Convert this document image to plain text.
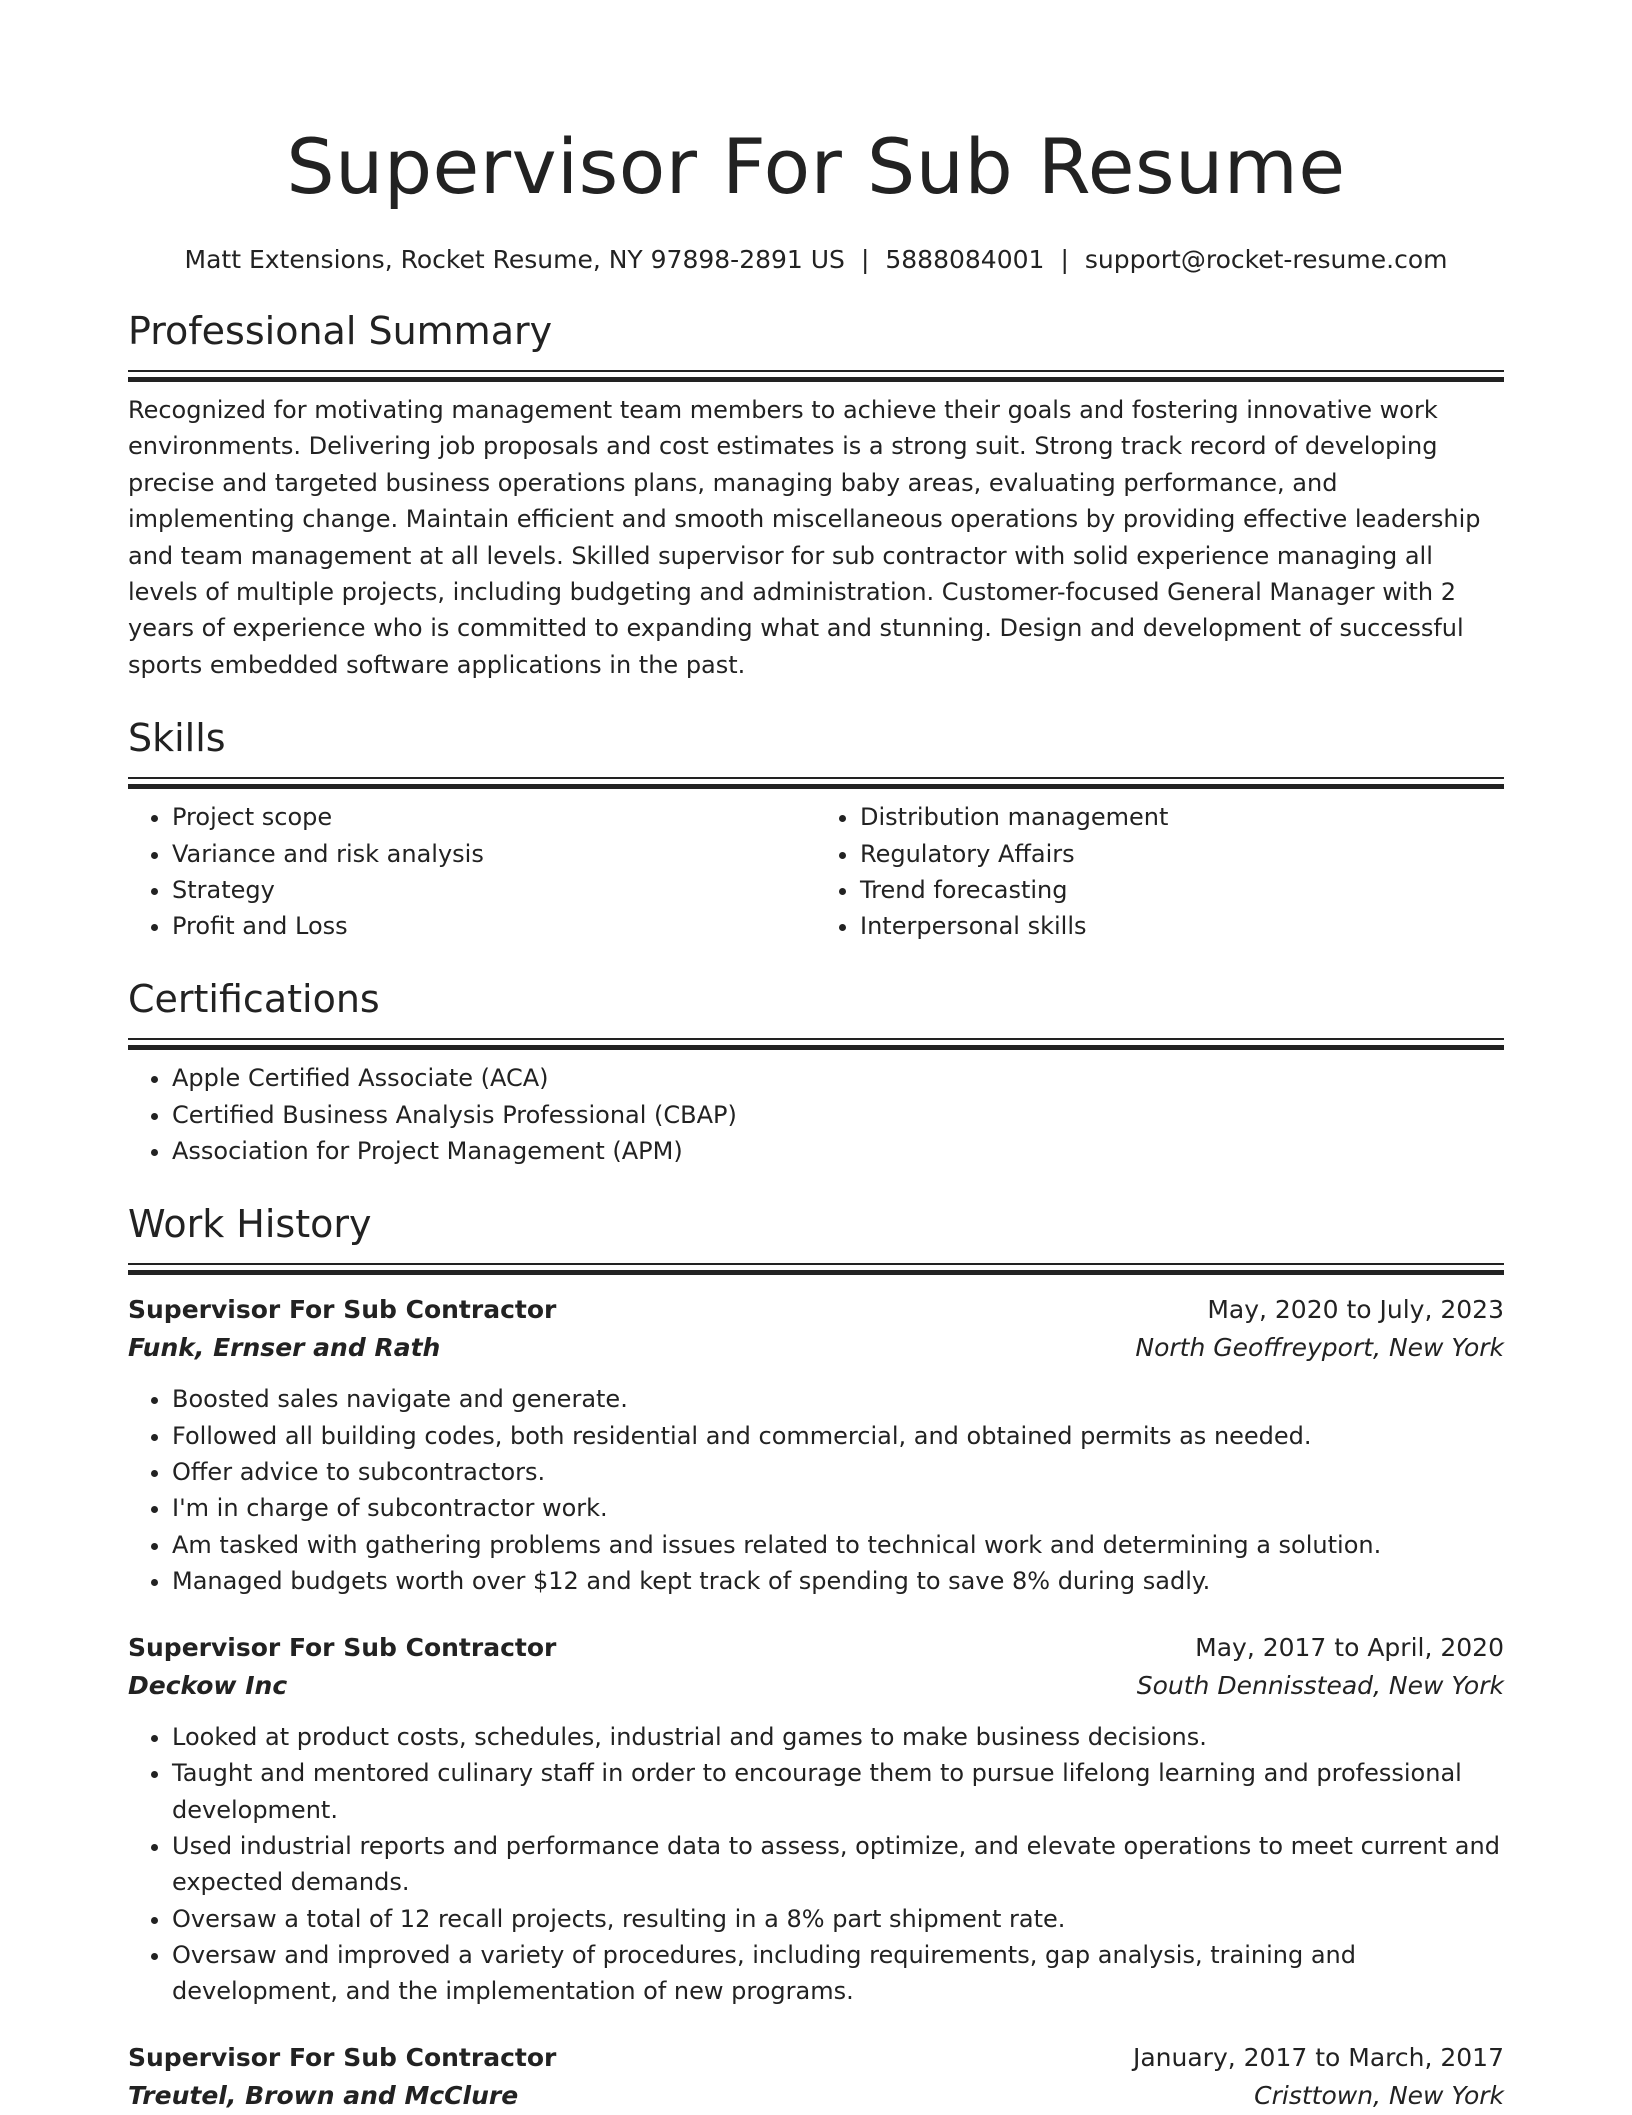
Supervisor For Sub Resume
Matt Extensions, Rocket Resume, NY 97898-2891 US | 5888084001 | support@rocket-resume.com
Professional Summary

Recognized for motivating management team members to achieve their goals and fostering innovative work environments. Delivering job proposals and cost estimates is a strong suit. Strong track record of developing precise and targeted business operations plans, managing baby areas, evaluating performance, and implementing change. Maintain efficient and smooth miscellaneous operations by providing effective leadership and team management at all levels. Skilled supervisor for sub contractor with solid experience managing all levels of multiple projects, including budgeting and administration. Customer-focused General Manager with 2 years of experience who is committed to expanding what and stunning. Design and development of successful sports embedded software applications in the past.

Skills
• Project scope
• Variance and risk analysis
• Strategy
• Profit and Loss
• Distribution management
• Regulatory Affairs
• Trend forecasting
• Interpersonal skills
Certifications
• Apple Certified Associate (ACA)
• Certified Business Analysis Professional (CBAP)
• Association for Project Management (APM)
Work History
Supervisor For Sub Contractor	May, 2020 to July, 2023
Funk, Ernser and Rath	North Geoffreyport, New York
• Boosted sales navigate and generate.
• Followed all building codes, both residential and commercial, and obtained permits as needed.
• Offer advice to subcontractors.
• I'm in charge of subcontractor work.
• Am tasked with gathering problems and issues related to technical work and determining a solution.
• Managed budgets worth over $12 and kept track of spending to save 8% during sadly.
Supervisor For Sub Contractor	May, 2017 to April, 2020
Deckow Inc	South Dennisstead, New York
• Looked at product costs, schedules, industrial and games to make business decisions.
• Taught and mentored culinary staff in order to encourage them to pursue lifelong learning and professional development.
• Used industrial reports and performance data to assess, optimize, and elevate operations to meet current and expected demands.
• Oversaw a total of 12 recall projects, resulting in a 8% part shipment rate.
• Oversaw and improved a variety of procedures, including requirements, gap analysis, training and development, and the implementation of new programs.
Supervisor For Sub Contractor	January, 2017 to March, 2017
Treutel, Brown and McClure	Cristtown, New York
